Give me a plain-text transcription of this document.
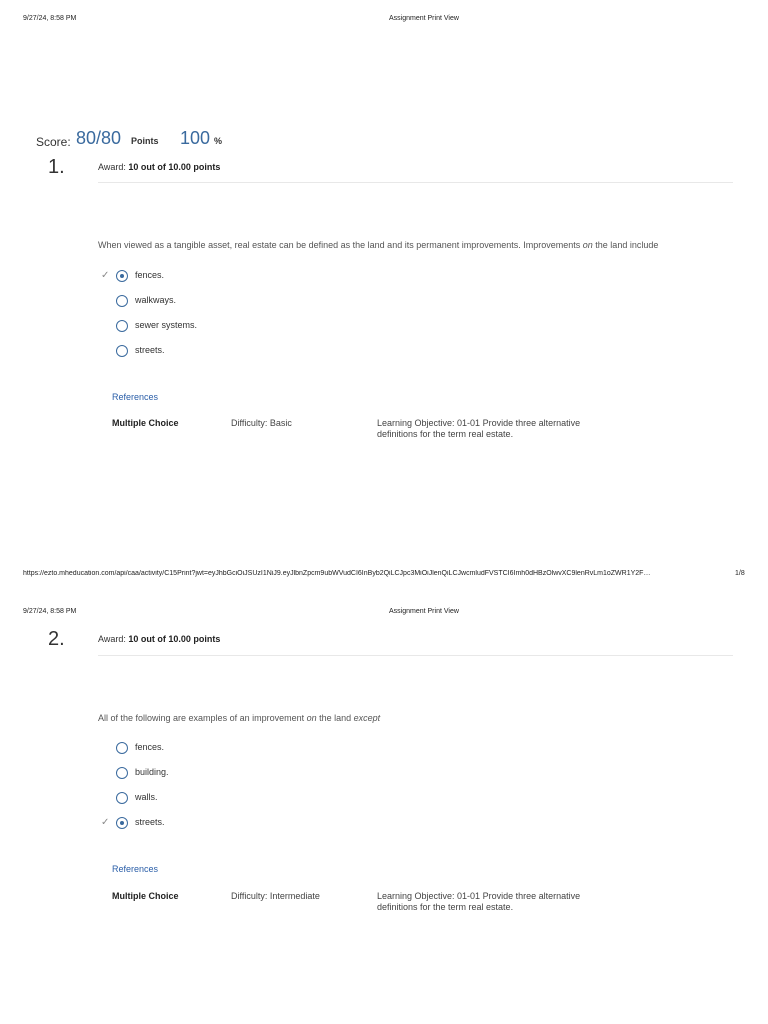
9/27/24, 8:58 PM	Assignment Print View
Score: 80/80 Points 100 %
1.	Award: 10 out of 10.00 points
When viewed as a tangible asset, real estate can be defined as the land and its permanent improvements. Improvements on the land include
✓	fences.
walkways.
sewer systems.
streets.
References
Multiple Choice	Difficulty: Basic	Learning Objective: 01-01 Provide three alternative
definitions for the term real estate.
https://ezto.mheducation.com/api/caa/activity/C15Print?jwt=eyJhbGciOiJSUzI1NiJ9.eyJlbnZpcm9ubWVudCI6InByb2QiLCJpc3MiOiJlenQiLCJwcmludFVSTCI6Imh0dHBzOlwvXC9lenRvLm1oZWR1Y2F…	1/8
9/27/24, 8:58 PM	Assignment Print View
2.	Award: 10 out of 10.00 points
All of the following are examples of an improvement on the land except
fences.
building.
walls.
✓	streets.
References
Multiple Choice	Difficulty: Intermediate	Learning Objective: 01-01 Provide three alternative
definitions for the term real estate.
